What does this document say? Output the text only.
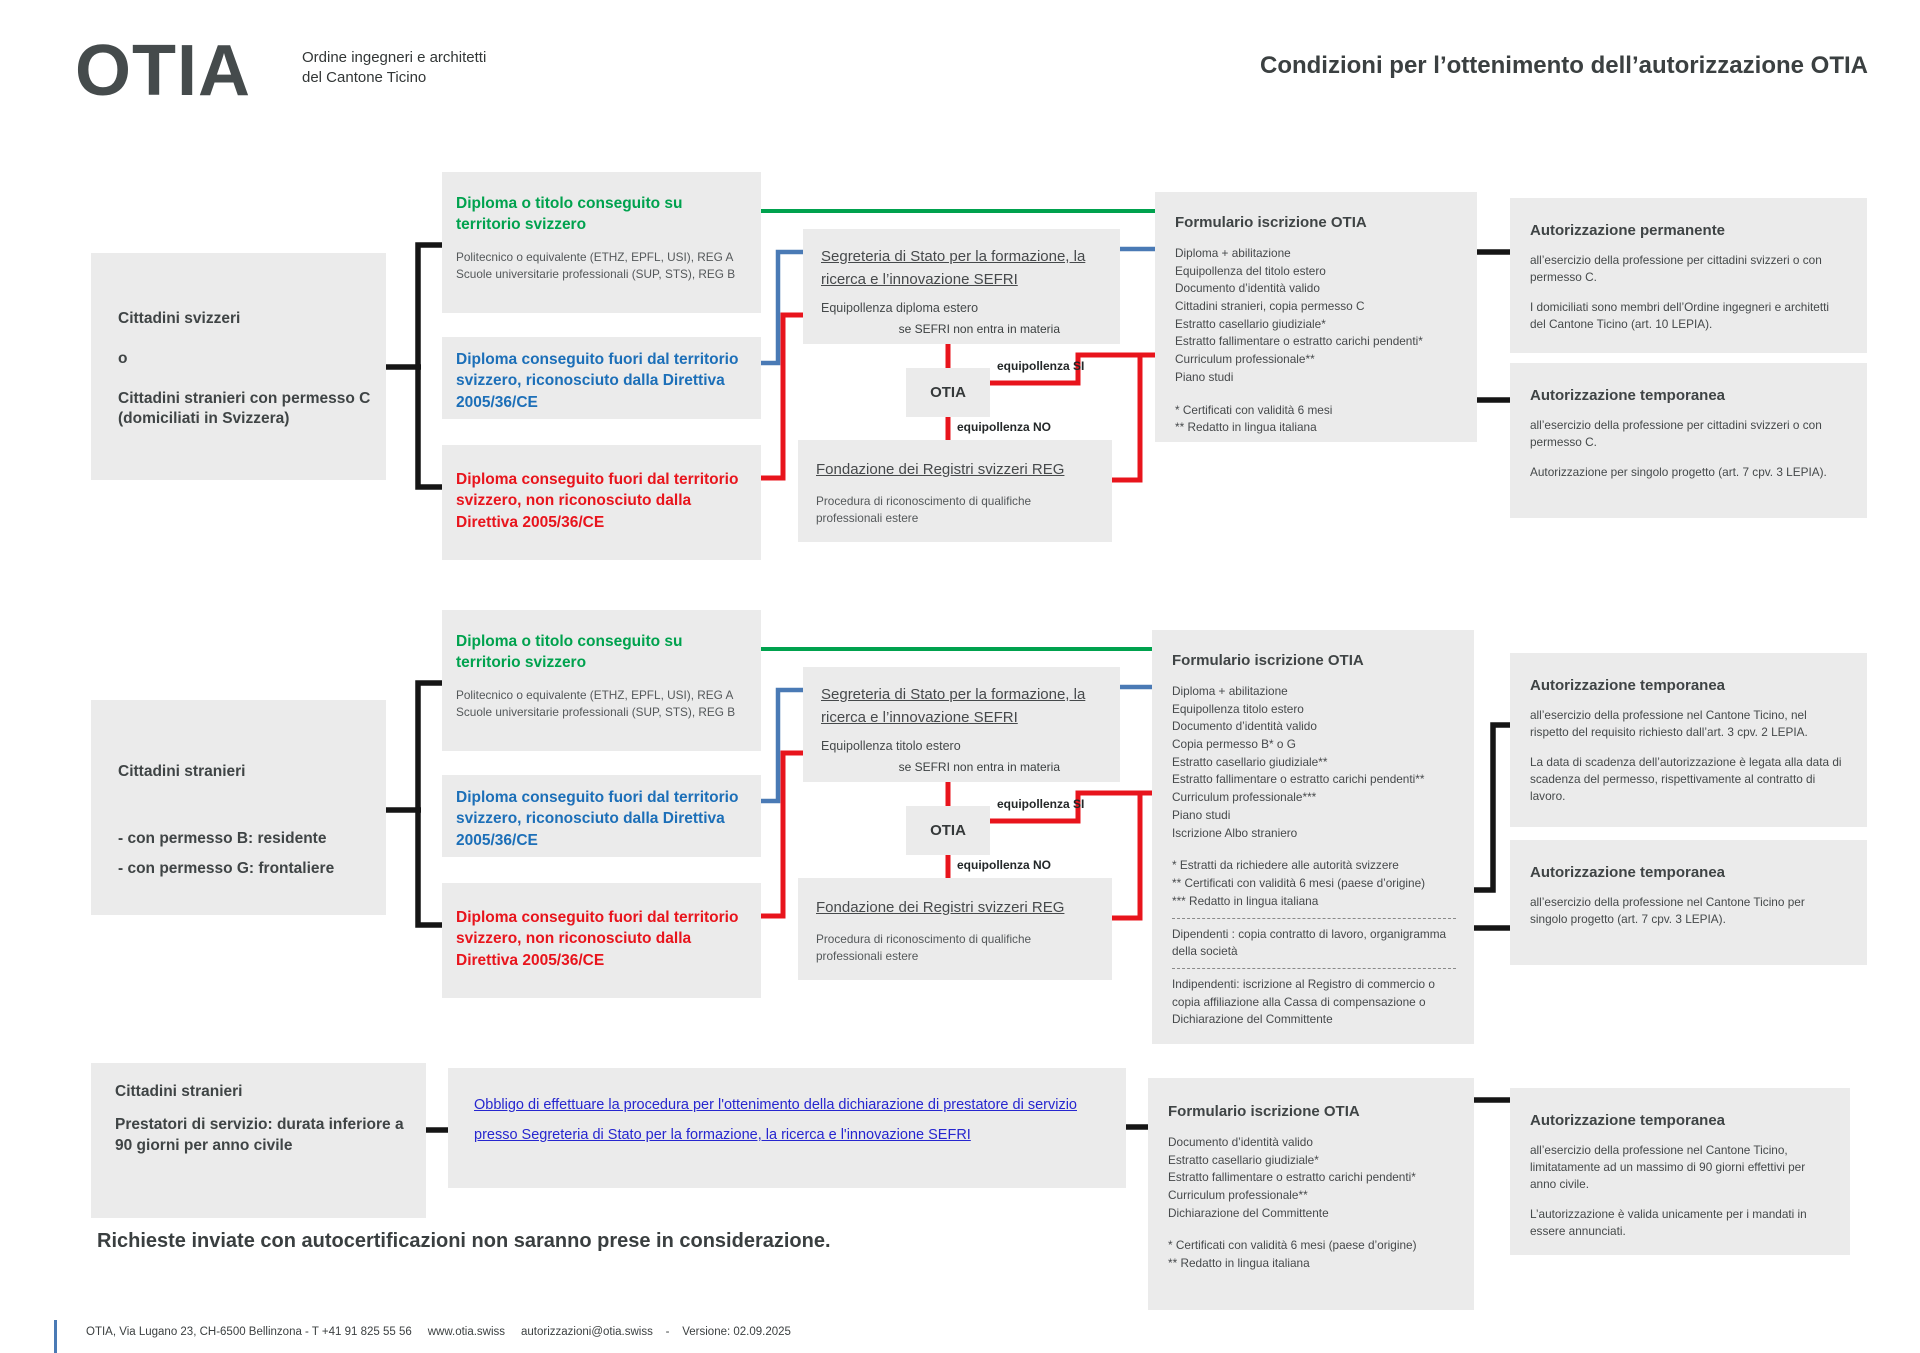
OTIA	Ordine ingegneri e architetti
del Cantone Ticino	Condizioni per l’ottenimento dell’autorizzazione OTIA
Cittadini svizzeri
o
Cittadini stranieri con permesso C (domiciliati in Svizzera)
Diploma o titolo conseguito su territorio svizzero
Politecnico o equivalente (ETHZ, EPFL, USI), REG A Scuole universitarie professionali (SUP, STS), REG B
Diploma conseguito fuori dal territorio svizzero, riconosciuto dalla Direttiva 2005/36/CE
Diploma conseguito fuori dal territorio svizzero, non riconosciuto dalla Direttiva 2005/36/CE
Segreteria di Stato per la formazione, la ricerca e l’innovazione SEFRI
Equipollenza diploma estero
se SEFRI non entra in materia
OTIA
equipollenza SI
equipollenza NO
Fondazione dei Registri svizzeri REG
Procedura di riconoscimento di qualifiche professionali estere
Formulario iscrizione OTIA
Diploma + abilitazione
Equipollenza del titolo estero
Documento d’identità valido
Cittadini stranieri, copia permesso C
Estratto casellario giudiziale*
Estratto fallimentare o estratto carichi pendenti*
Curriculum professionale**
Piano studi
* Certificati con validità 6 mesi
** Redatto in lingua italiana
Autorizzazione permanente
all’esercizio della professione per cittadini svizzeri o con permesso C.
I domiciliati sono membri dell’Ordine ingegneri e architetti del Cantone Ticino (art. 10 LEPIA).
Autorizzazione temporanea
all’esercizio della professione per cittadini svizzeri o con permesso C.
Autorizzazione per singolo progetto (art. 7 cpv. 3 LEPIA).
Cittadini stranieri
- con permesso B: residente
- con permesso G: frontaliere
Diploma o titolo conseguito su territorio svizzero
Politecnico o equivalente (ETHZ, EPFL, USI), REG A Scuole universitarie professionali (SUP, STS), REG B
Diploma conseguito fuori dal territorio svizzero, riconosciuto dalla Direttiva 2005/36/CE
Diploma conseguito fuori dal territorio svizzero, non riconosciuto dalla Direttiva 2005/36/CE
Segreteria di Stato per la formazione, la ricerca e l’innovazione SEFRI
Equipollenza titolo estero
se SEFRI non entra in materia
OTIA
equipollenza SI
equipollenza NO
Fondazione dei Registri svizzeri REG
Procedura di riconoscimento di qualifiche professionali estere
Formulario iscrizione OTIA
Diploma + abilitazione
Equipollenza titolo estero
Documento d’identità valido
Copia permesso B* o G
Estratto casellario giudiziale**
Estratto fallimentare o estratto carichi pendenti**
Curriculum professionale***
Piano studi
Iscrizione Albo straniero
* Estratti da richiedere alle autorità svizzere
** Certificati con validità 6 mesi (paese d’origine)
*** Redatto in lingua italiana
Dipendenti : copia contratto di lavoro, organigramma della società
Indipendenti: iscrizione al Registro di commercio o copia affiliazione alla Cassa di compensazione o Dichiarazione del Committente
Autorizzazione temporanea
all’esercizio della professione nel Cantone Ticino, nel rispetto del requisito richiesto dall’art. 3 cpv. 2 LEPIA.
La data di scadenza dell’autorizzazione è legata alla data di scadenza del permesso, rispettivamente al contratto di lavoro.
Autorizzazione temporanea
all’esercizio della professione nel Cantone Ticino per singolo progetto (art. 7 cpv. 3 LEPIA).
Cittadini stranieri
Prestatori di servizio: durata inferiore a 90 giorni per anno civile
Obbligo di effettuare la procedura per l'ottenimento della dichiarazione di prestatore di servizio presso Segreteria di Stato per la formazione, la ricerca e l'innovazione SEFRI
Formulario iscrizione OTIA
Documento d’identità valido
Estratto casellario giudiziale*
Estratto fallimentare o estratto carichi pendenti*
Curriculum professionale**
Dichiarazione del Committente
* Certificati con validità 6 mesi (paese d’origine)
** Redatto in lingua italiana
Autorizzazione temporanea
all’esercizio della professione nel Cantone Ticino, limitatamente ad un massimo di 90 giorni effettivi per anno civile.
L’autorizzazione è valida unicamente per i mandati in essere annunciati.
Richieste inviate con autocertificazioni non saranno prese in considerazione.
OTIA, Via Lugano 23, CH-6500 Bellinzona - T +41 91 825 55 56     www.otia.swiss     autorizzazioni@otia.swiss    -    Versione: 02.09.2025
